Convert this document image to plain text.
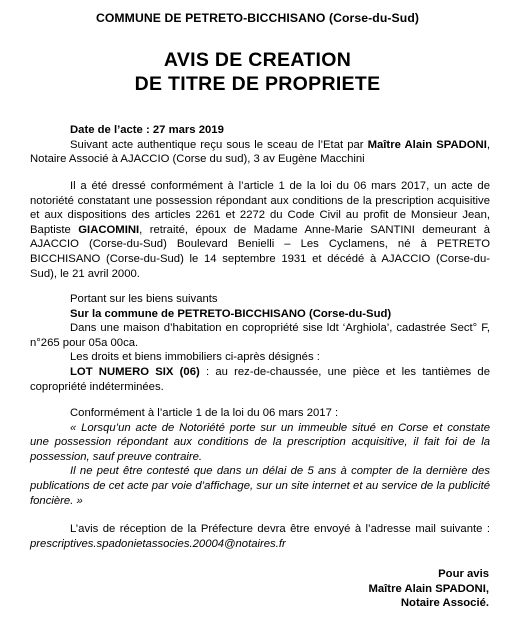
COMMUNE DE PETRETO-BICCHISANO (Corse-du-Sud)
AVIS DE CREATION
DE TITRE DE PROPRIETE

Date de l’acte : 27 mars 2019

Suivant acte authentique reçu sous le sceau de l’Etat par Maître Alain SPADONI, Notaire Associé à AJACCIO (Corse du sud), 3 av Eugène Macchini

Il a été dressé conformément à l’article 1 de la loi du 06 mars 2017, un acte de notoriété constatant une possession répondant aux conditions de la prescription acquisitive et aux dispositions des articles 2261 et 2272 du Code Civil au profit de Monsieur Jean, Baptiste GIACOMINI, retraité, époux de Madame Anne-Marie SANTINI demeurant à AJACCIO (Corse-du-Sud) Boulevard Benielli – Les Cyclamens, né à PETRETO BICCHISANO (Corse-du-Sud) le 14 septembre 1931 et décédé à AJACCIO (Corse-du-Sud), le 21 avril 2000.

Portant sur les biens suivants

Sur la commune de PETRETO-BICCHISANO (Corse-du-Sud)

Dans une maison d’habitation en copropriété sise ldt ‘Arghiola’, cadastrée Sect° F, n°265 pour 05a 00ca.

Les droits et biens immobiliers ci-après désignés :

LOT NUMERO SIX (06) : au rez-de-chaussée, une pièce et les tantièmes de copropriété indéterminées.

Conformément à l’article 1 de la loi du 06 mars 2017 :

« Lorsqu’un acte de Notoriété porte sur un immeuble situé en Corse et constate une possession répondant aux conditions de la prescription acquisitive, il fait foi de la possession, sauf preuve contraire.

Il ne peut être contesté que dans un délai de 5 ans à compter de la dernière des publications de cet acte par voie d’affichage, sur un site internet et au service de la publicité foncière. »

L’avis de réception de la Préfecture devra être envoyé à l’adresse mail suivante : prescriptives.spadonietassocies.20004@notaires.fr

Pour avis
Maître Alain SPADONI,
Notaire Associé.
